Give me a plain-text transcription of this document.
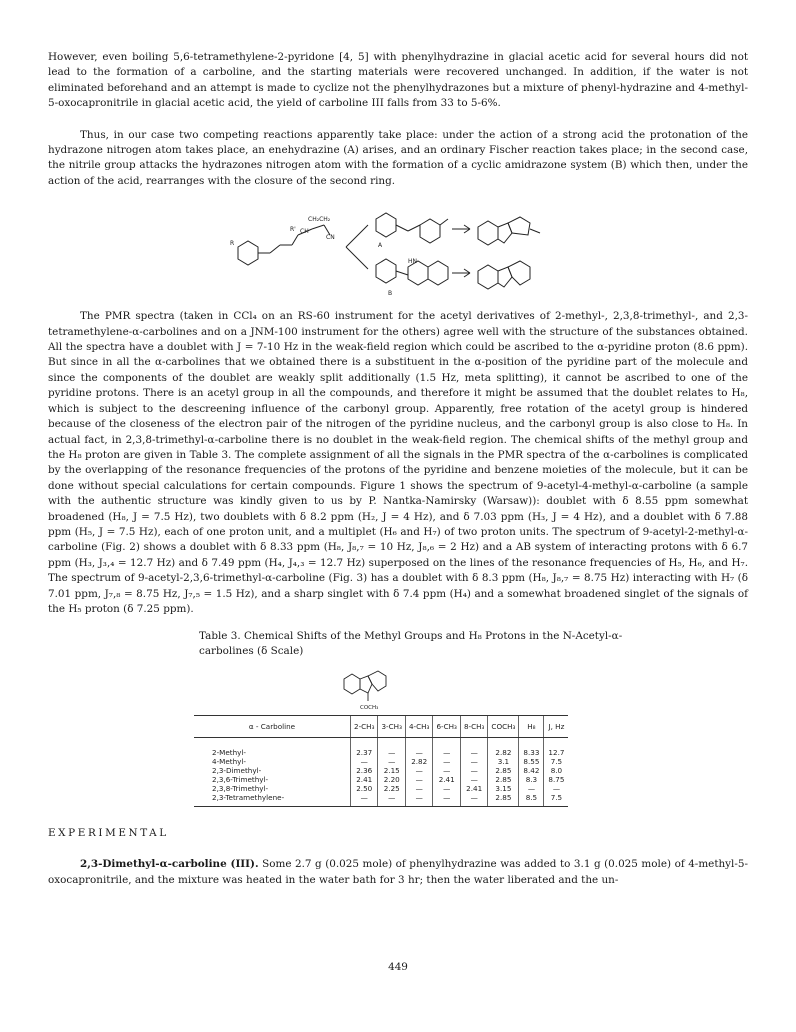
However, even boiling 5,6-tetramethylene-2-pyridone [4, 5] with phenylhydrazine in glacial acetic acid for several hours did not lead to the formation of a carboline, and the starting materials were recovered unchanged. In addition, if the water is not eliminated beforehand and an attempt is made to cyclize not the phenylhydrazones but a mixture of phenyl-hydrazine and 4-methyl-5-oxocapronitrile in glacial acetic acid, the yield of carboline III falls from 33 to 5-6%.

Thus, in our case two competing reactions apparently take place: under the action of a strong acid the protonation of the hydrazone nitrogen atom takes place, an enehydrazine (A) arises, and an ordinary Fischer reaction takes place; in the second case, the nitrile group attacks the hydrazones nitrogen atom with the formation of a cyclic amidrazone system (B) which then, under the action of the acid, rearranges with the closure of the second ring.

R
R' CH
CH₂CH₂
CN
A
HN
B

The PMR spectra (taken in CCl₄ on an RS-60 instrument for the acetyl derivatives of 2-methyl-, 2,3,8-trimethyl-, and 2,3-tetramethylene-α-carbolines and on a JNM-100 instrument for the others) agree well with the structure of the substances obtained. All the spectra have a doublet with J = 7-10 Hz in the weak-field region which could be ascribed to the α-pyridine proton (8.6 ppm). But since in all the α-carbolines that we obtained there is a substituent in the α-position of the pyridine part of the molecule and since the components of the doublet are weakly split additionally (1.5 Hz, meta splitting), it cannot be ascribed to one of the pyridine protons. There is an acetyl group in all the compounds, and therefore it might be assumed that the doublet relates to H₈, which is subject to the descreening influence of the carbonyl group. Apparently, free rotation of the acetyl group is hindered because of the closeness of the electron pair of the nitrogen of the pyridine nucleus, and the carbonyl group is also close to H₈. In actual fact, in 2,3,8-trimethyl-α-carboline there is no doublet in the weak-field region. The chemical shifts of the methyl group and the H₈ proton are given in Table 3. The complete assignment of all the signals in the PMR spectra of the α-carbolines is complicated by the overlapping of the resonance frequencies of the protons of the pyridine and benzene moieties of the molecule, but it can be done without special calculations for certain compounds. Figure 1 shows the spectrum of 9-acetyl-4-methyl-α-carboline (a sample with the authentic structure was kindly given to us by P. Nantka-Namirsky (Warsaw)): doublet with δ 8.55 ppm somewhat broadened (H₈, J = 7.5 Hz), two doublets with δ 8.2 ppm (H₂, J = 4 Hz), and δ 7.03 ppm (H₃, J = 4 Hz), and a doublet with δ 7.88 ppm (H₅, J = 7.5 Hz), each of one proton unit, and a multiplet (H₆ and H₇) of two proton units. The spectrum of 9-acetyl-2-methyl-α-carboline (Fig. 2) shows a doublet with δ 8.33 ppm (H₈, J₈,₇ = 10 Hz, J₈,₆ = 2 Hz) and a AB system of interacting protons with δ 6.7 ppm (H₃, J₃,₄ = 12.7 Hz) and δ 7.49 ppm (H₄, J₄,₃ = 12.7 Hz) superposed on the lines of the resonance frequencies of H₅, H₆, and H₇. The spectrum of 9-acetyl-2,3,6-trimethyl-α-carboline (Fig. 3) has a doublet with δ 8.3 ppm (H₈, J₈,₇ = 8.75 Hz) interacting with H₇ (δ 7.01 ppm, J₇,₈ = 8.75 Hz, J₇,₅ = 1.5 Hz), and a sharp singlet with δ 7.4 ppm (H₄) and a somewhat broadened singlet of the signals of the H₅ proton (δ 7.25 ppm).

Table 3. Chemical Shifts of the Methyl Groups and H₈ Protons in the N-Acetyl-α-carbolines (δ Scale)
COCH₃
α - Carboline	2-CH₃	3-CH₃	4-CH₃	6-CH₃	8-CH₃	COCH₃	H₈	J, Hz
2-Methyl-	2.37	—	—	—	—	2.82	8.33	12.7
4-Methyl-	—	—	2.82	—	—	3.1	8.55	7.5
2,3-Dimethyl-	2.36	2.15	—	—	—	2.85	8.42	8.0
2,3,6-Trimethyl-	2.41	2.20	—	2.41	—	2.85	8.3	8.75
2,3,8-Trimethyl-	2.50	2.25	—	—	2.41	3.15	—	—
2,3-Tetramethylene-	—	—	—	—	—	2.85	8.5	7.5
EXPERIMENTAL

2,3-Dimethyl-α-carboline (III). Some 2.7 g (0.025 mole) of phenylhydrazine was added to 3.1 g (0.025 mole) of 4-methyl-5-oxocapronitrile, and the mixture was heated in the water bath for 3 hr; then the water liberated and the un-

449
